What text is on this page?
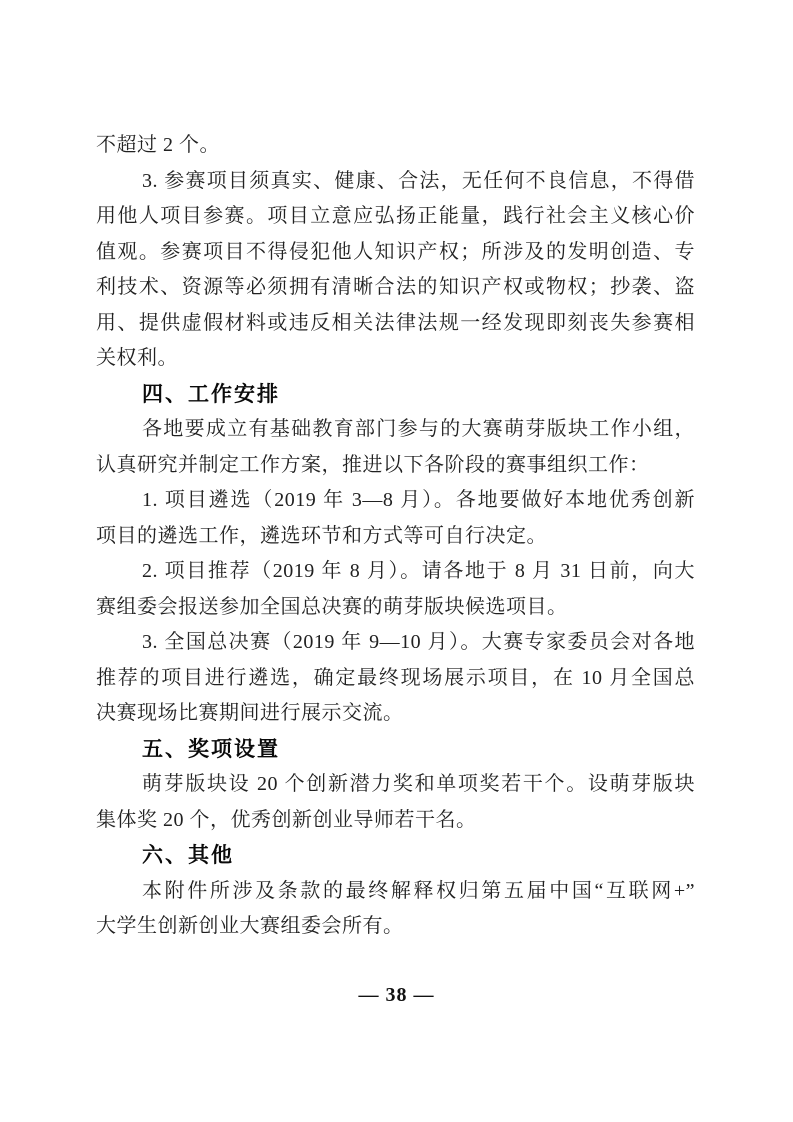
不超过 2 个。
3. 参赛项目须真实、健康、合法，无任何不良信息，不得借
用他人项目参赛。项目立意应弘扬正能量，践行社会主义核心价
值观。参赛项目不得侵犯他人知识产权；所涉及的发明创造、专
利技术、资源等必须拥有清晰合法的知识产权或物权；抄袭、盗
用、提供虚假材料或违反相关法律法规一经发现即刻丧失参赛相
关权利。
四、工作安排
各地要成立有基础教育部门参与的大赛萌芽版块工作小组，
认真研究并制定工作方案，推进以下各阶段的赛事组织工作：
1. 项目遴选（2019 年 3—8 月）。各地要做好本地优秀创新
项目的遴选工作，遴选环节和方式等可自行决定。
2. 项目推荐（2019 年 8 月）。请各地于 8 月 31 日前，向大
赛组委会报送参加全国总决赛的萌芽版块候选项目。
3. 全国总决赛（2019 年 9—10 月）。大赛专家委员会对各地
推荐的项目进行遴选，确定最终现场展示项目，在 10 月全国总
决赛现场比赛期间进行展示交流。
五、奖项设置
萌芽版块设 20 个创新潜力奖和单项奖若干个。设萌芽版块
集体奖 20 个，优秀创新创业导师若干名。
六、其他
本附件所涉及条款的最终解释权归第五届中国“互联网+”
大学生创新创业大赛组委会所有。
— 38 —
